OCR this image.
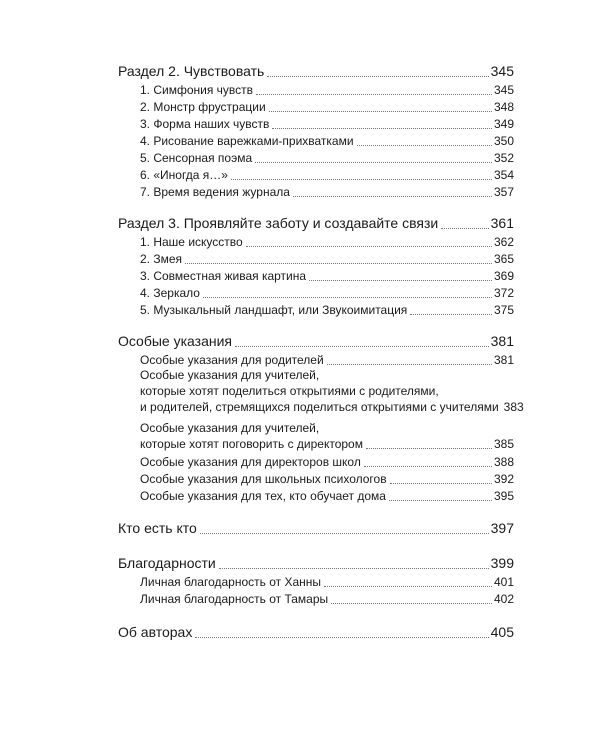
Раздел 2. Чувствовать	345
1. Симфония чувств	345
2. Монстр фрустрации	348
3. Форма наших чувств	349
4. Рисование варежками-прихватками	350
5. Сенсорная поэма	352
6. «Иногда я…»	354
7. Время ведения журнала	357
Раздел 3. Проявляйте заботу и создавайте связи	361
1. Наше искусство	362
2. Змея	365
3. Совместная живая картина	369
4. Зеркало	372
5. Музыкальный ландшафт, или Звукоимитация	375
Особые указания	381
Особые указания для родителей	381
Особые указания для учителей,
которые хотят поделиться открытиями с родителями,
и родителей, стремящихся поделиться открытиями с учителями 383
Особые указания для учителей,
которые хотят поговорить с директором	385
Особые указания для директоров школ	388
Особые указания для школьных психологов	392
Особые указания для тех, кто обучает дома	395
Кто есть кто	397
Благодарности	399
Личная благодарность от Ханны	401
Личная благодарность от Тамары	402
Об авторах	405
